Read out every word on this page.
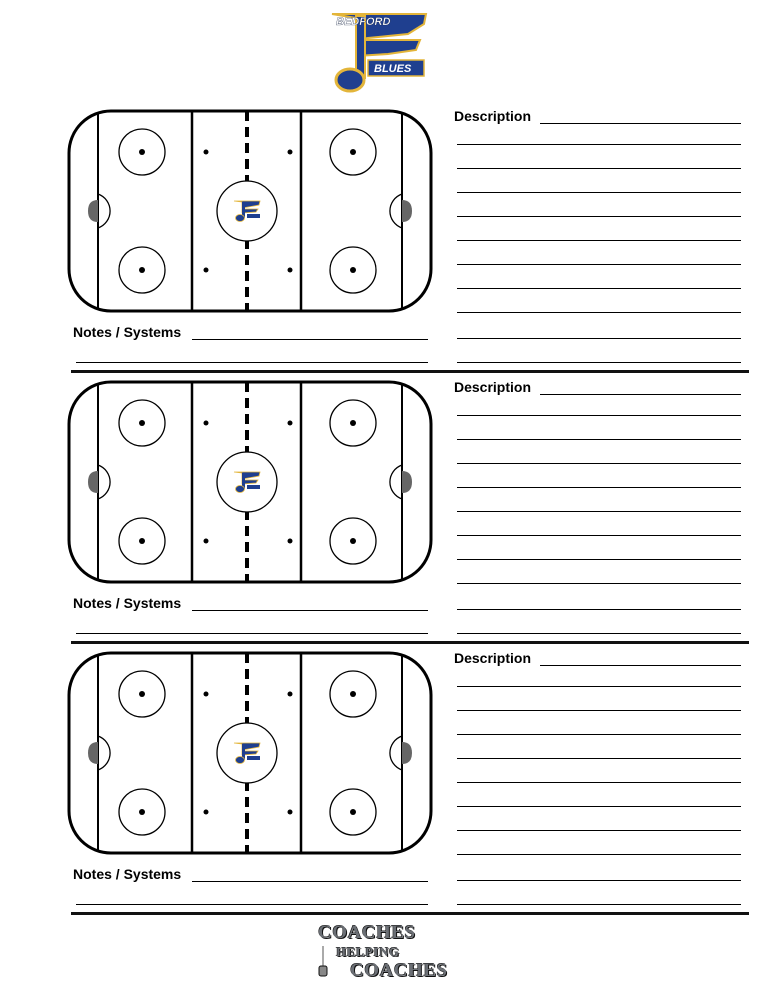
BEDFORD
BLUES
Description
Notes / Systems
Description
Notes / Systems
Description
Notes / Systems
COACHES
HELPING
COACHES
